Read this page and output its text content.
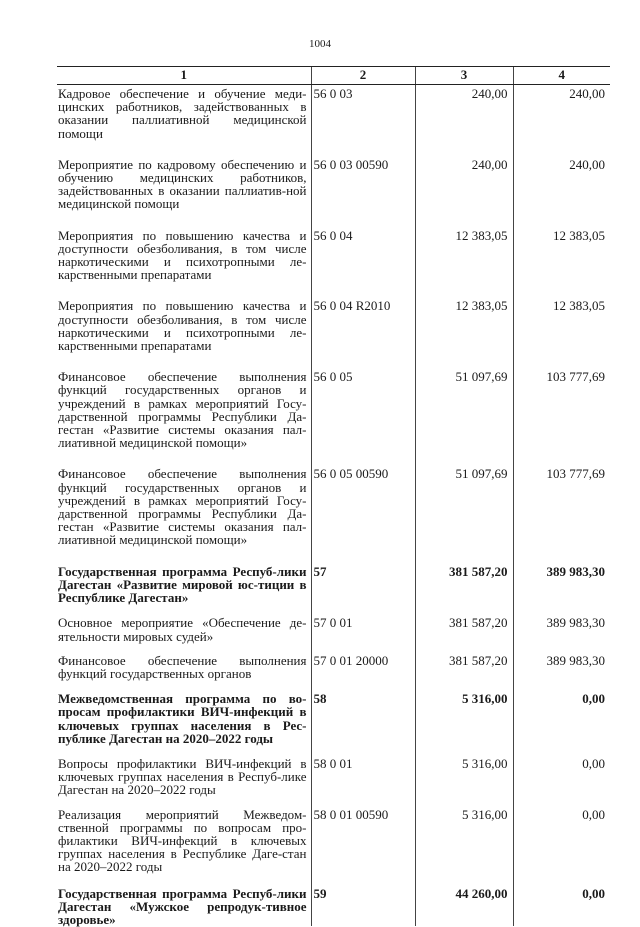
1004
1	2	3	4
Кадровое обеспечение и обучение меди-цинских работников, задействованных в оказании паллиативной медицинской помощи	56 0 03	240,00	240,00
Мероприятие по кадровому обеспечению и обучению медицинских работников, задействованных в оказании паллиатив-ной медицинской помощи	56 0 03 00590	240,00	240,00
Мероприятия по повышению качества и доступности обезболивания, в том числе наркотическими и психотропными ле-карственными препаратами	56 0 04	12 383,05	12 383,05
Мероприятия по повышению качества и доступности обезболивания, в том числе наркотическими и психотропными ле-карственными препаратами	56 0 04 R2010	12 383,05	12 383,05
Финансовое обеспечение выполнения функций государственных органов и учреждений в рамках мероприятий Госу-дарственной программы Республики Да-гестан «Развитие системы оказания пал-лиативной медицинской помощи»	56 0 05	51 097,69	103 777,69
Финансовое обеспечение выполнения функций государственных органов и учреждений в рамках мероприятий Госу-дарственной программы Республики Да-гестан «Развитие системы оказания пал-лиативной медицинской помощи»	56 0 05 00590	51 097,69	103 777,69
Государственная программа Респуб-лики Дагестан «Развитие мировой юс-тиции в Республике Дагестан»	57	381 587,20	389 983,30
Основное мероприятие «Обеспечение де-ятельности мировых судей»	57 0 01	381 587,20	389 983,30
Финансовое обеспечение выполнения функций государственных органов	57 0 01 20000	381 587,20	389 983,30
Межведомственная программа по во-просам профилактики ВИЧ-инфекций в ключевых группах населения в Рес-публике Дагестан на 2020–2022 годы	58	5 316,00	0,00
Вопросы профилактики ВИЧ-инфекций в ключевых группах населения в Респуб-лике Дагестан на 2020–2022 годы	58 0 01	5 316,00	0,00
Реализация мероприятий Межведом-ственной программы по вопросам про-филактики ВИЧ-инфекций в ключевых группах населения в Республике Даге-стан на 2020–2022 годы	58 0 01 00590	5 316,00	0,00
Государственная программа Респуб-лики Дагестан «Мужское репродук-тивное здоровье»	59	44 260,00	0,00
